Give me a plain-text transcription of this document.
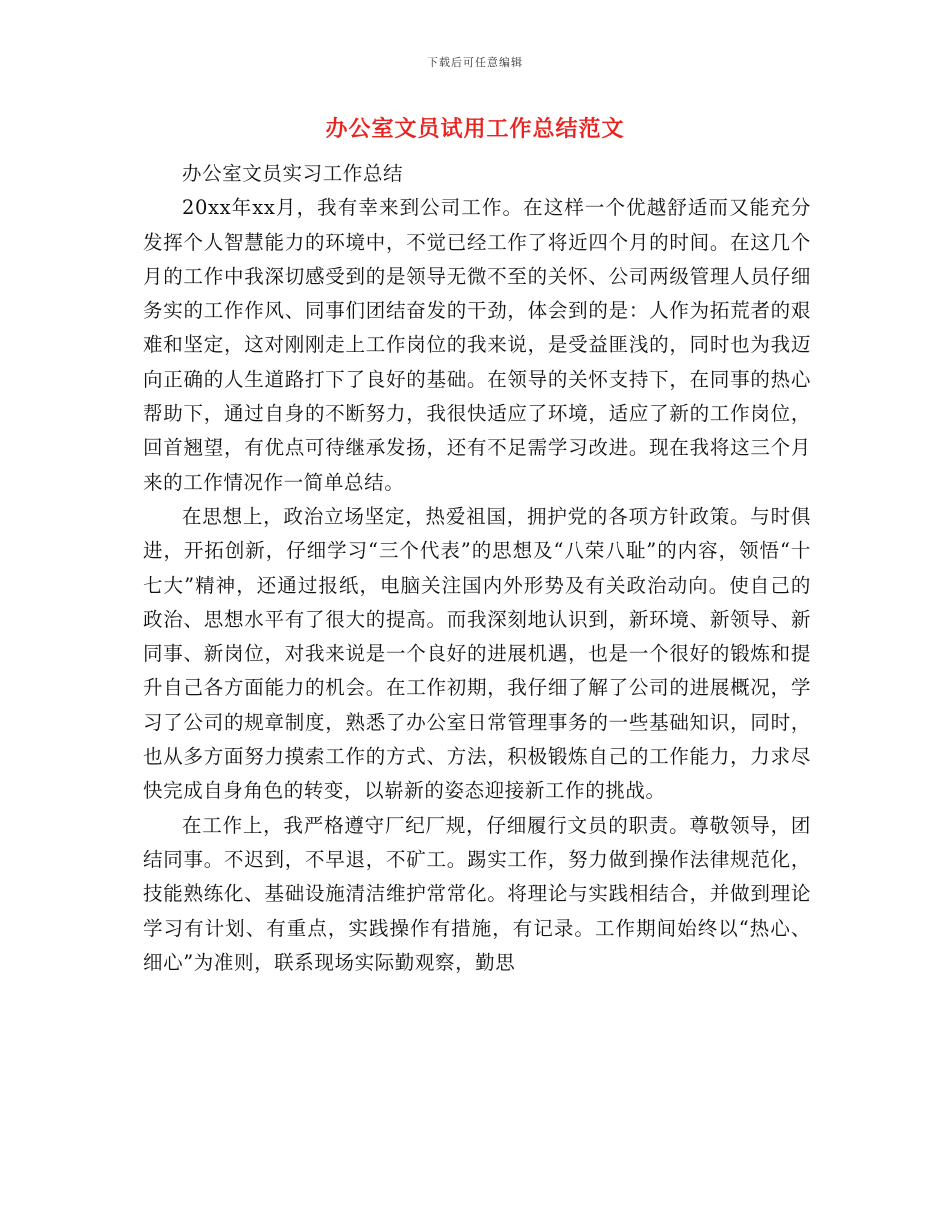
下载后可任意编辑
办公室文员试用工作总结范文

办公室文员实习工作总结

20xx年xx月，我有幸来到公司工作。在这样一个优越舒适而又能充分发挥个人智慧能力的环境中，不觉已经工作了将近四个月的时间。在这几个月的工作中我深切感受到的是领导无微不至的关怀、公司两级管理人员仔细务实的工作作风、同事们团结奋发的干劲，体会到的是：人作为拓荒者的艰难和坚定，这对刚刚走上工作岗位的我来说，是受益匪浅的，同时也为我迈向正确的人生道路打下了良好的基础。在领导的关怀支持下，在同事的热心帮助下，通过自身的不断努力，我很快适应了环境，适应了新的工作岗位，回首翘望，有优点可待继承发扬，还有不足需学习改进。现在我将这三个月来的工作情况作一简单总结。

在思想上，政治立场坚定，热爱祖国，拥护党的各项方针政策。与时俱进，开拓创新，仔细学习“三个代表”的思想及“八荣八耻”的内容，领悟“十七大”精神，还通过报纸，电脑关注国内外形势及有关政治动向。使自己的政治、思想水平有了很大的提高。而我深刻地认识到，新环境、新领导、新同事、新岗位，对我来说是一个良好的进展机遇，也是一个很好的锻炼和提升自己各方面能力的机会。在工作初期，我仔细了解了公司的进展概况，学习了公司的规章制度，熟悉了办公室日常管理事务的一些基础知识，同时，也从多方面努力摸索工作的方式、方法，积极锻炼自己的工作能力，力求尽快完成自身角色的转变，以崭新的姿态迎接新工作的挑战。

在工作上，我严格遵守厂纪厂规，仔细履行文员的职责。尊敬领导，团结同事。不迟到，不早退，不矿工。踢实工作，努力做到操作法律规范化，技能熟练化、基础设施清洁维护常常化。将理论与实践相结合，并做到理论学习有计划、有重点，实践操作有措施，有记录。工作期间始终以“热心、细心”为准则，联系现场实际勤观察，勤思
